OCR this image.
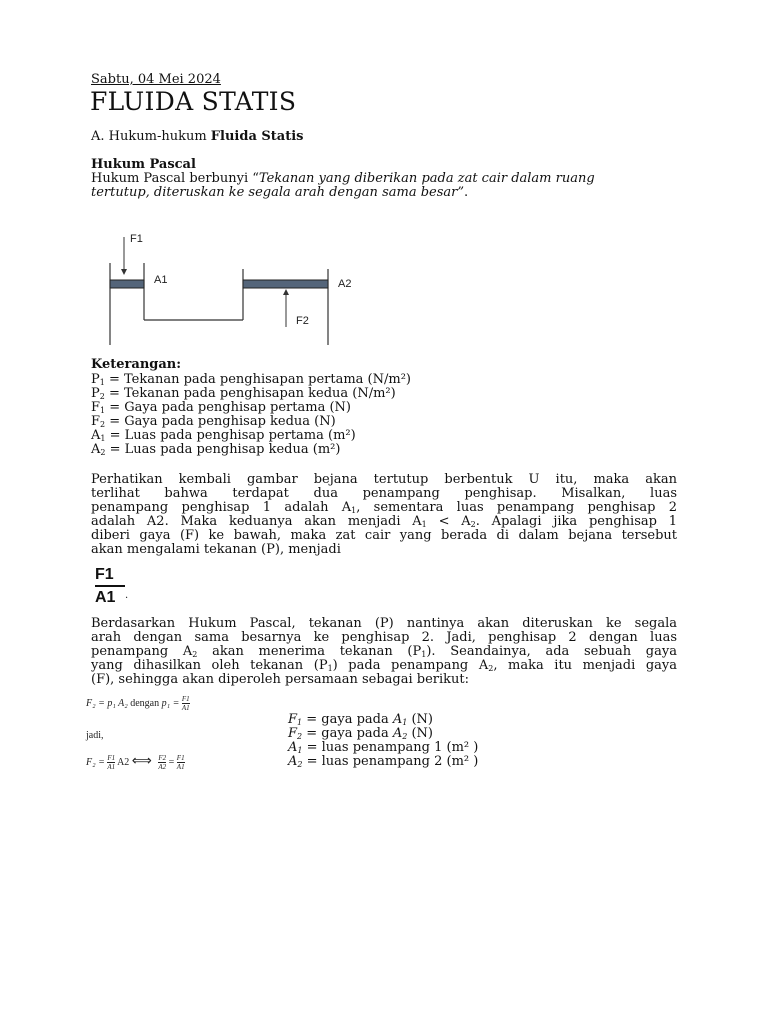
Sabtu, 04 Mei 2024
FLUIDA STATIS
A. Hukum-hukum Fluida Statis
Hukum Pascal
Hukum Pascal berbunyi “Tekanan yang diberikan pada zat cair dalam ruang
tertutup, diteruskan ke segala arah dengan sama besar”.
F1
A1	A2
F2
Keterangan:
$P_1$ = Tekanan pada penghisapan pertama (N/m²)
$P_2$ = Tekanan pada penghisapan kedua (N/m²)
$F_1$ = Gaya pada penghisap pertama (N)
$F_2$ = Gaya pada penghisap kedua (N)
$A_1$ = Luas pada penghisap pertama (m²)
$A_2$ = Luas pada penghisap kedua (m²)
Perhatikan kembali gambar bejana tertutup berbentuk U itu, maka akan
terlihat bahwa terdapat dua penampang penghisap. Misalkan, luas
penampang penghisap 1 adalah $A_1$, sementara luas penampang penghisap 2
adalah A2. Maka keduanya akan menjadi $A_1 < A_2$. Apalagi jika penghisap 1
diberi gaya (F) ke bawah, maka zat cair yang berada di dalam bejana tersebut
akan mengalami tekanan (P), menjadi
$\frac{F1}{A1}$ .
Berdasarkan Hukum Pascal, tekanan (P) nantinya akan diteruskan ke segala
arah dengan sama besarnya ke penghisap 2. Jadi, penghisap 2 dengan luas
penampang $A_2$ akan menerima tekanan $(P_1)$. Seandainya, ada sebuah gaya
yang dihasilkan oleh tekanan $(P_1)$ pada penampang $A_2$, maka itu menjadi gaya
(F), sehingga akan diperoleh persamaan sebagai berikut:
F₂ = p₁ A₂ dengan $p_1 = \frac{F1}{A1}$
jadi,
$F_2 = \frac{F1}{A1} A2$ ⟺ $\frac{F2}{A2} = \frac{F1}{A1}$
$F_1$ = gaya pada $A_1$ (N)
$F_2$ = gaya pada $A_2$ (N)
$A_1$ = luas penampang 1 (m² )
$A_2$ = luas penampang 2 (m² )
